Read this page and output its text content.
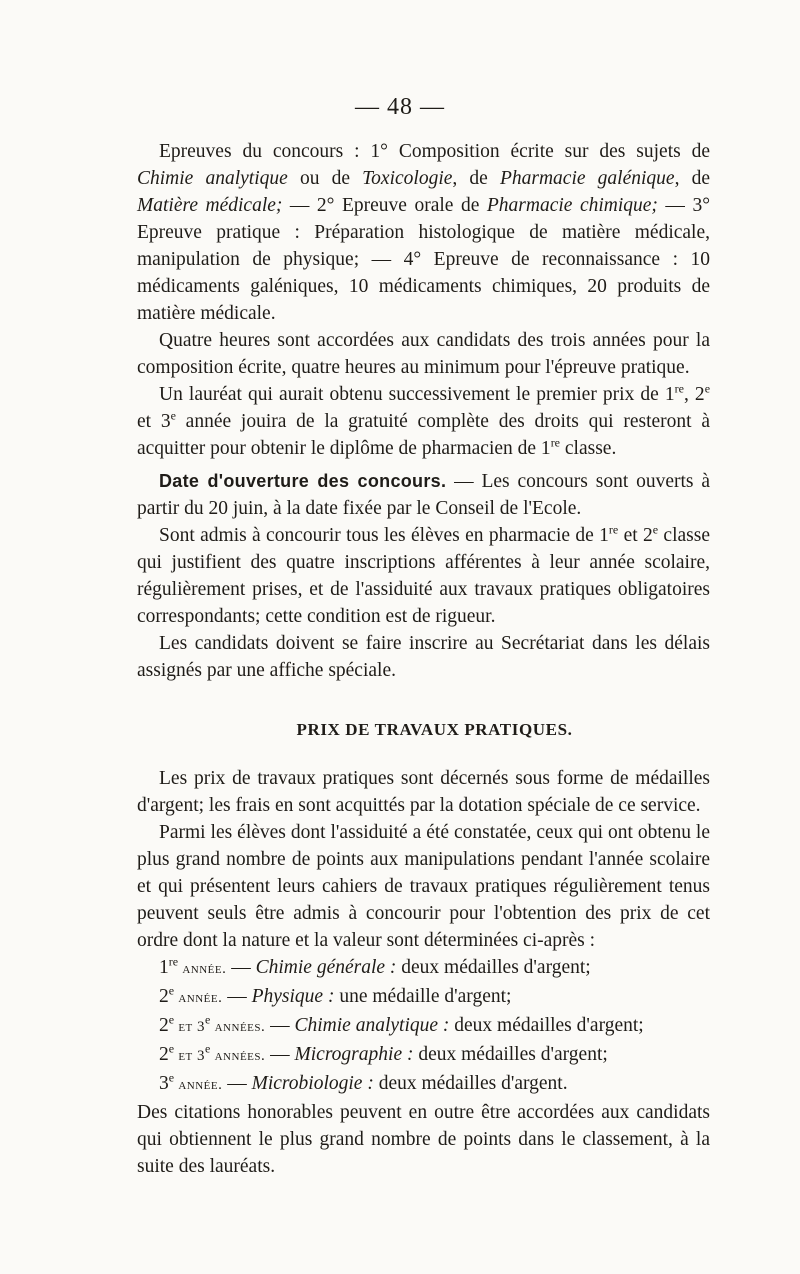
— 48 —

Epreuves du concours : 1° Composition écrite sur des sujets de Chimie analytique ou de Toxicologie, de Pharmacie galénique, de Matière médicale; — 2° Epreuve orale de Pharmacie chimique; — 3° Epreuve pratique : Préparation histologique de matière médicale, manipulation de physique; — 4° Epreuve de reconnaissance : 10 médicaments galéniques, 10 médicaments chimiques, 20 produits de matière médicale.

Quatre heures sont accordées aux candidats des trois années pour la composition écrite, quatre heures au minimum pour l'épreuve pratique.

Un lauréat qui aurait obtenu successivement le premier prix de 1re, 2e et 3e année jouira de la gratuité complète des droits qui resteront à acquitter pour obtenir le diplôme de pharmacien de 1re classe.

Date d'ouverture des concours. — Les concours sont ouverts à partir du 20 juin, à la date fixée par le Conseil de l'Ecole.

Sont admis à concourir tous les élèves en pharmacie de 1re et 2e classe qui justifient des quatre inscriptions afférentes à leur année scolaire, régulièrement prises, et de l'assiduité aux travaux pratiques obligatoires correspondants; cette condition est de rigueur.

Les candidats doivent se faire inscrire au Secrétariat dans les délais assignés par une affiche spéciale.

PRIX DE TRAVAUX PRATIQUES.

Les prix de travaux pratiques sont décernés sous forme de médailles d'argent; les frais en sont acquittés par la dotation spéciale de ce service.

Parmi les élèves dont l'assiduité a été constatée, ceux qui ont obtenu le plus grand nombre de points aux manipulations pendant l'année scolaire et qui présentent leurs cahiers de travaux pratiques régulièrement tenus peuvent seuls être admis à concourir pour l'obtention des prix de cet ordre dont la nature et la valeur sont déterminées ci-après :

1re année. — Chimie générale : deux médailles d'argent;

2e année. — Physique : une médaille d'argent;

2e et 3e années. — Chimie analytique : deux médailles d'argent;

2e et 3e années. — Micrographie : deux médailles d'argent;

3e année. — Microbiologie : deux médailles d'argent.

Des citations honorables peuvent en outre être accordées aux candidats qui obtiennent le plus grand nombre de points dans le classement, à la suite des lauréats.
